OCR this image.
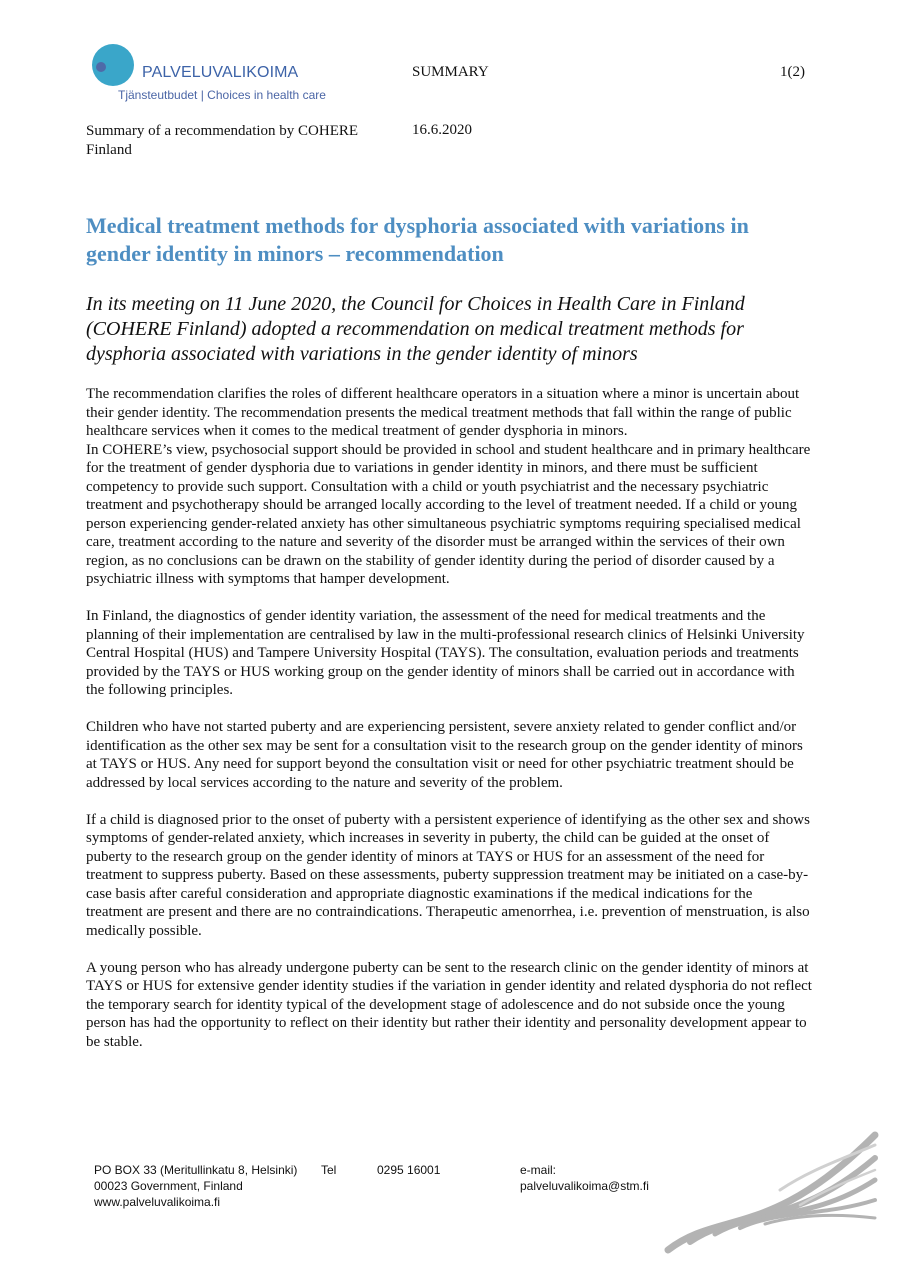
PALVELUVALIKOIMA
Tjänsteutbudet | Choices in health care
SUMMARY	1(2)
Summary of a recommendation by COHERE Finland
16.6.2020
Medical treatment methods for dysphoria associated with variations in gender identity in minors – recommendation

In its meeting on 11 June 2020, the Council for Choices in Health Care in Finland (COHERE Finland) adopted a recommendation on medical treatment methods for dysphoria associated with variations in the gender identity of minors

The recommendation clarifies the roles of different healthcare operators in a situation where a minor is uncertain about their gender identity. The recommendation presents the medical treatment methods that fall within the range of public healthcare services when it comes to the medical treatment of gender dysphoria in minors.

In COHERE’s view, psychosocial support should be provided in school and student healthcare and in primary healthcare for the treatment of gender dysphoria due to variations in gender identity in minors, and there must be sufficient competency to provide such support. Consultation with a child or youth psychiatrist and the necessary psychiatric treatment and psychotherapy should be arranged locally according to the level of treatment needed. If a child or young person experiencing gender-related anxiety has other simultaneous psychiatric symptoms requiring specialised medical care, treatment according to the nature and severity of the disorder must be arranged within the services of their own region, as no conclusions can be drawn on the stability of gender identity during the period of disorder caused by a psychiatric illness with symptoms that hamper development.

In Finland, the diagnostics of gender identity variation, the assessment of the need for medical treatments and the planning of their implementation are centralised by law in the multi-professional research clinics of Helsinki University Central Hospital (HUS) and Tampere University Hospital (TAYS). The consultation, evaluation periods and treatments provided by the TAYS or HUS working group on the gender identity of minors shall be carried out in accordance with the following principles.

Children who have not started puberty and are experiencing persistent, severe anxiety related to gender conflict and/or identification as the other sex may be sent for a consultation visit to the research group on the gender identity of minors at TAYS or HUS. Any need for support beyond the consultation visit or need for other psychiatric treatment should be addressed by local services according to the nature and severity of the problem.

If a child is diagnosed prior to the onset of puberty with a persistent experience of identifying as the other sex and shows symptoms of gender-related anxiety, which increases in severity in puberty, the child can be guided at the onset of puberty to the research group on the gender identity of minors at TAYS or HUS for an assessment of the need for treatment to suppress puberty. Based on these assessments, puberty suppression treatment may be initiated on a case-by-case basis after careful consideration and appropriate diagnostic examinations if the medical indications for the treatment are present and there are no contraindications. Therapeutic amenorrhea, i.e. prevention of menstruation, is also medically possible.

A young person who has already undergone puberty can be sent to the research clinic on the gender identity of minors at TAYS or HUS for extensive gender identity studies if the variation in gender identity and related dysphoria do not reflect the temporary search for identity typical of the development stage of adolescence and do not subside once the young person has had the opportunity to reflect on their identity but rather their identity and personality development appear to be stable.

PO BOX 33 (Meritullinkatu 8, Helsinki)
00023 Government, Finland
www.palveluvalikoima.fi
Tel	0295 16001	e-mail:
palveluvalikoima@stm.fi
